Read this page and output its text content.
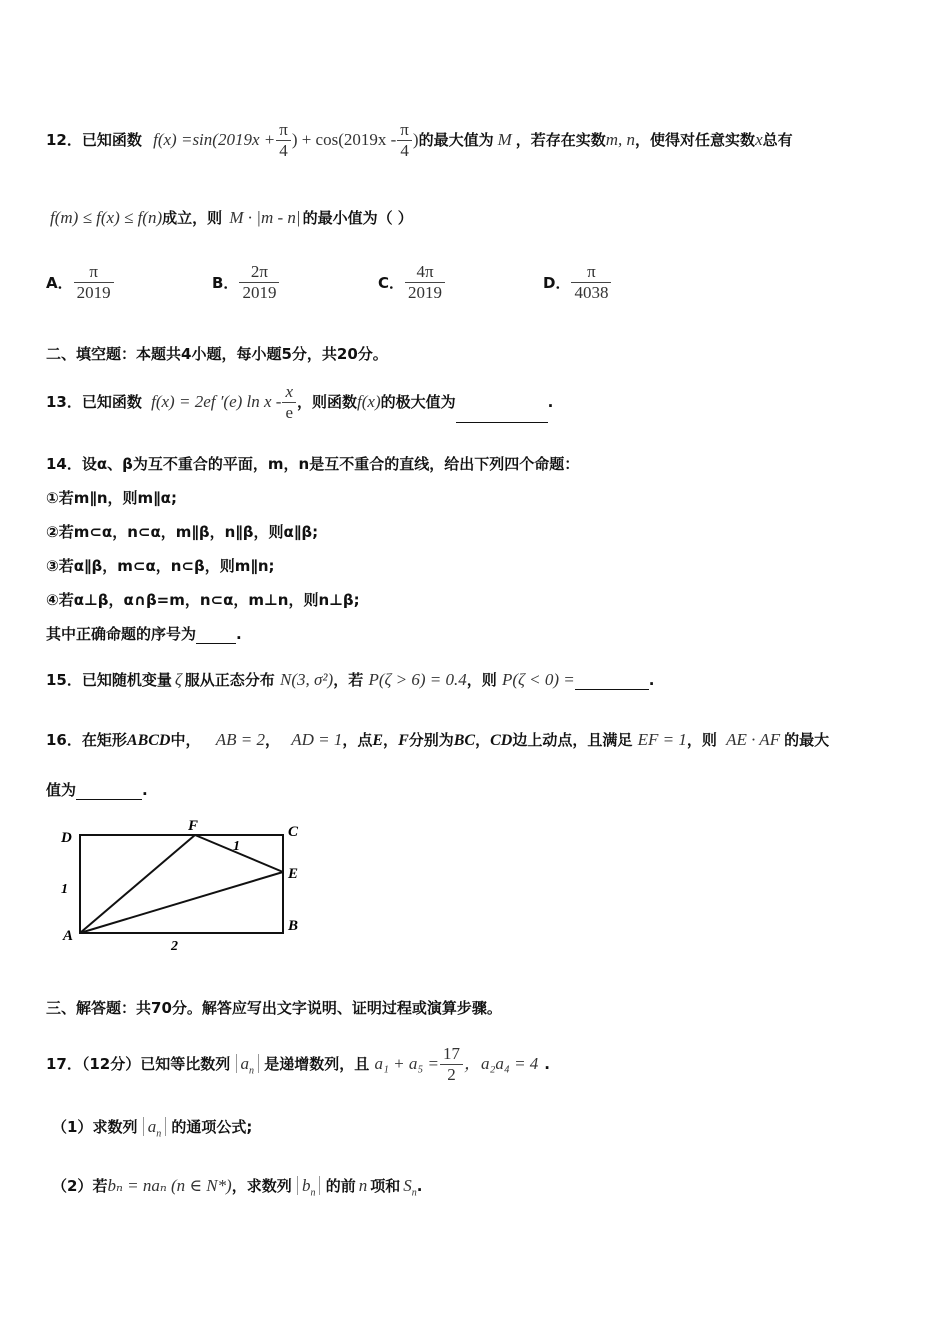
12．已知函数 $f(x) =\sin(2019x + \frac{\pi}{4}$ ) + $\cos(2019x - \frac{\pi}{4}$ )的最大值为 M ，若存在实数m, n，使得对任意实数x总有
f(m) ≤ f(x) ≤ f(n)成立，则 M · |m - n| 的最小值为（ ）
A． $\frac{\pi}{2019}$	B． $\frac{2\pi}{2019}$	C． $\frac{4\pi}{2019}$	D． $\frac{\pi}{4038}$
二、填空题：本题共4小题，每小题5分，共20分。
13．已知函数 f(x) = 2ef ′(e) ln x - $\frac{x}{e}$ ，则函数f(x)的极大值为	.
14．设α、β为互不重合的平面，m，n是互不重合的直线，给出下列四个命题：
①若m∥n，则m∥α;
②若m⊂α，n⊂α，m∥β，n∥β，则α∥β;
③若α∥β，m⊂α，n⊂β，则m∥n;
④若α⊥β，α∩β=m，n⊂α，m⊥n，则n⊥β;
其中正确命题的序号为	.
15．已知随机变量 ζ 服从正态分布 N(3, σ²)，若 P(ζ > 6) = 0.4，则 P(ζ < 0) =	.
16．在矩形ABCD中， AB = 2， AD = 1，点E，F分别为BC，CD边上动点，且满足 EF = 1，则 AE · AF 的最大
值为	.
D
F	C
E
A
B
1
1
2
三、解答题：共70分。解答应写出文字说明、证明过程或演算步骤。
17．（12分）已知等比数列 $a_n$ 是递增数列，且 $a_1 + a_5 = \frac{17}{2}$ ，a₂a₄ = 4 .
（1）求数列 $a_n$ 的通项公式;
（2）若bₙ = naₙ (n ∈ N*)，求数列 $b_n$ 的前 n 项和 $S_n$.
